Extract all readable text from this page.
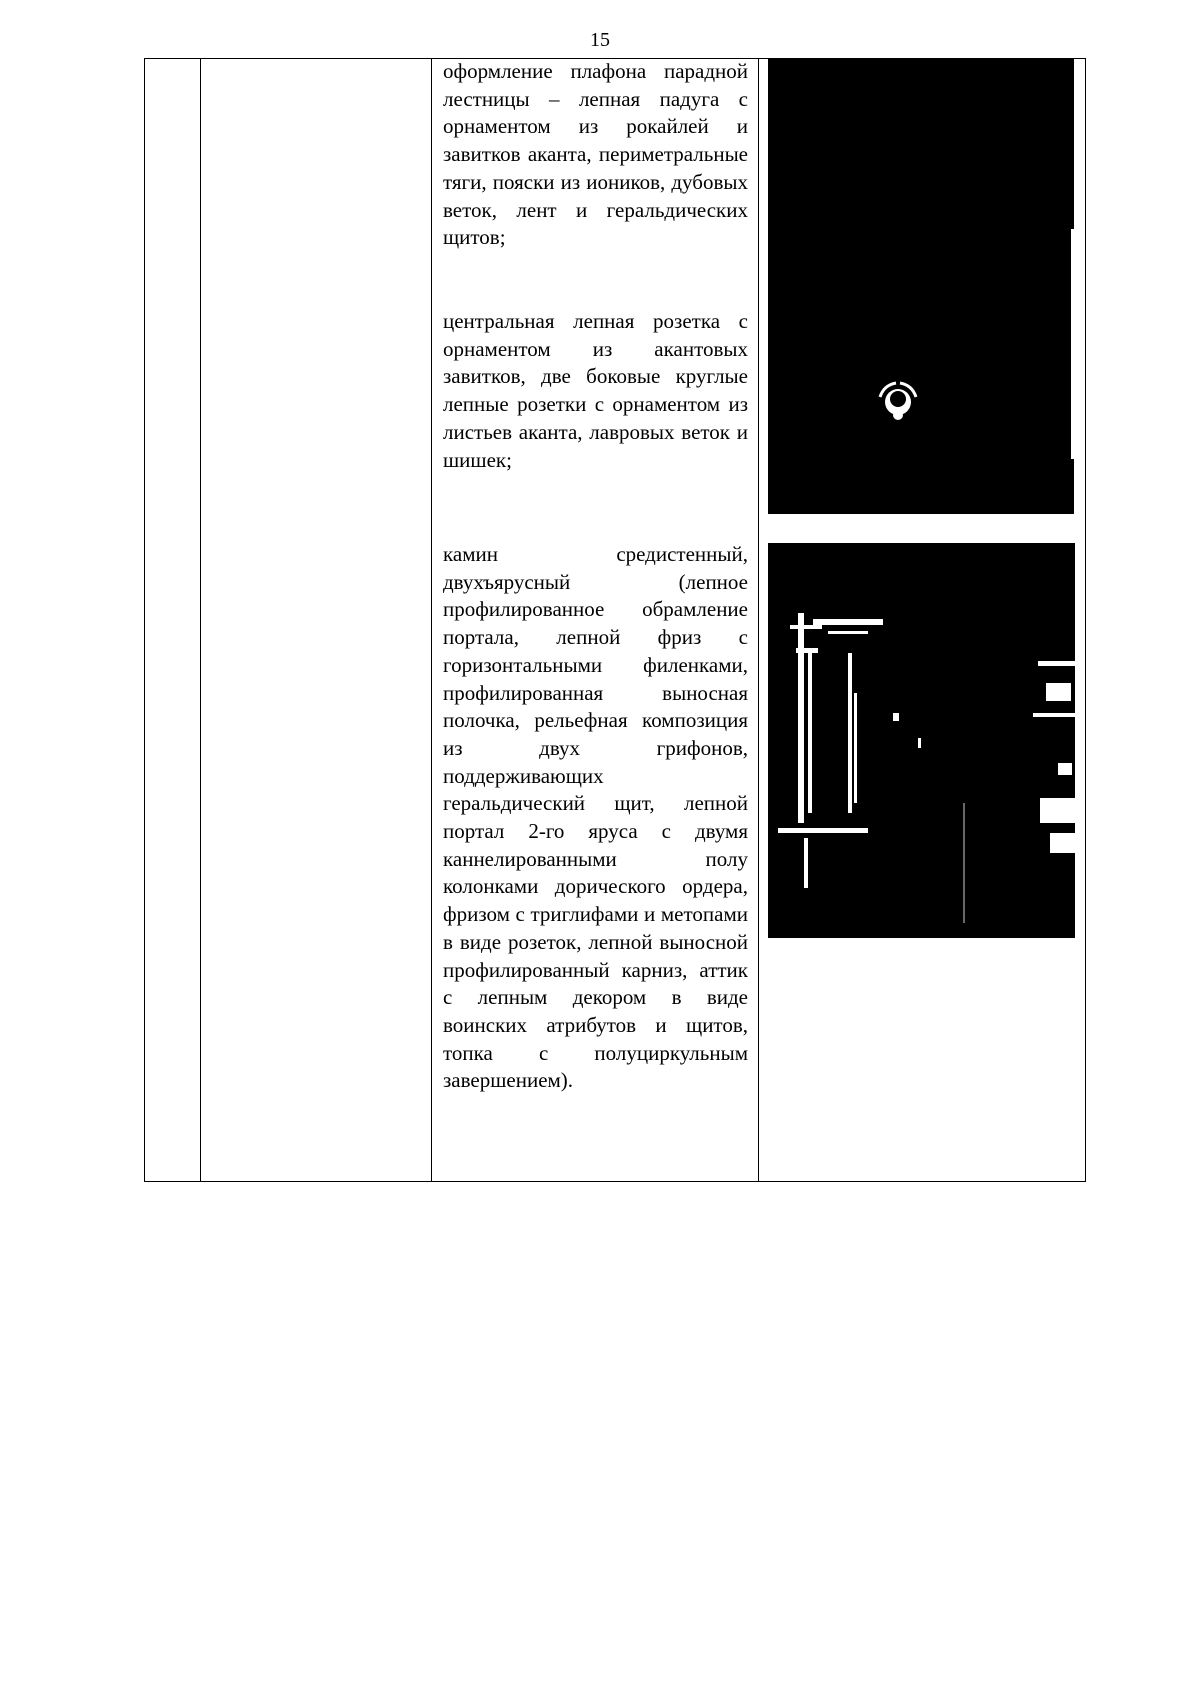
15

оформление плафона парадной лестницы – лепная падуга с орнаментом из рокайлей и завитков аканта, периметральные тяги, пояски из иоников, дубовых веток, лент и геральдических щитов;

центральная лепная розетка с орнаментом из акантовых завитков, две боковые круглые лепные розетки с орнаментом из листьев аканта, лавровых веток и шишек;

камин средистенный, двухъярусный (лепное профилированное обрамление портала, лепной фриз с горизонтальными филенками, профилированная выносная полочка, рельефная композиция из двух грифонов, поддерживающих геральдический щит, лепной портал 2-го яруса с двумя каннелированными полу колонками дорического ордера, фризом с триглифами и метопами в виде розеток, лепной выносной профилированный карниз, аттик с лепным декором в виде воинских атрибутов и щитов, топка с полуциркульным завершением).
